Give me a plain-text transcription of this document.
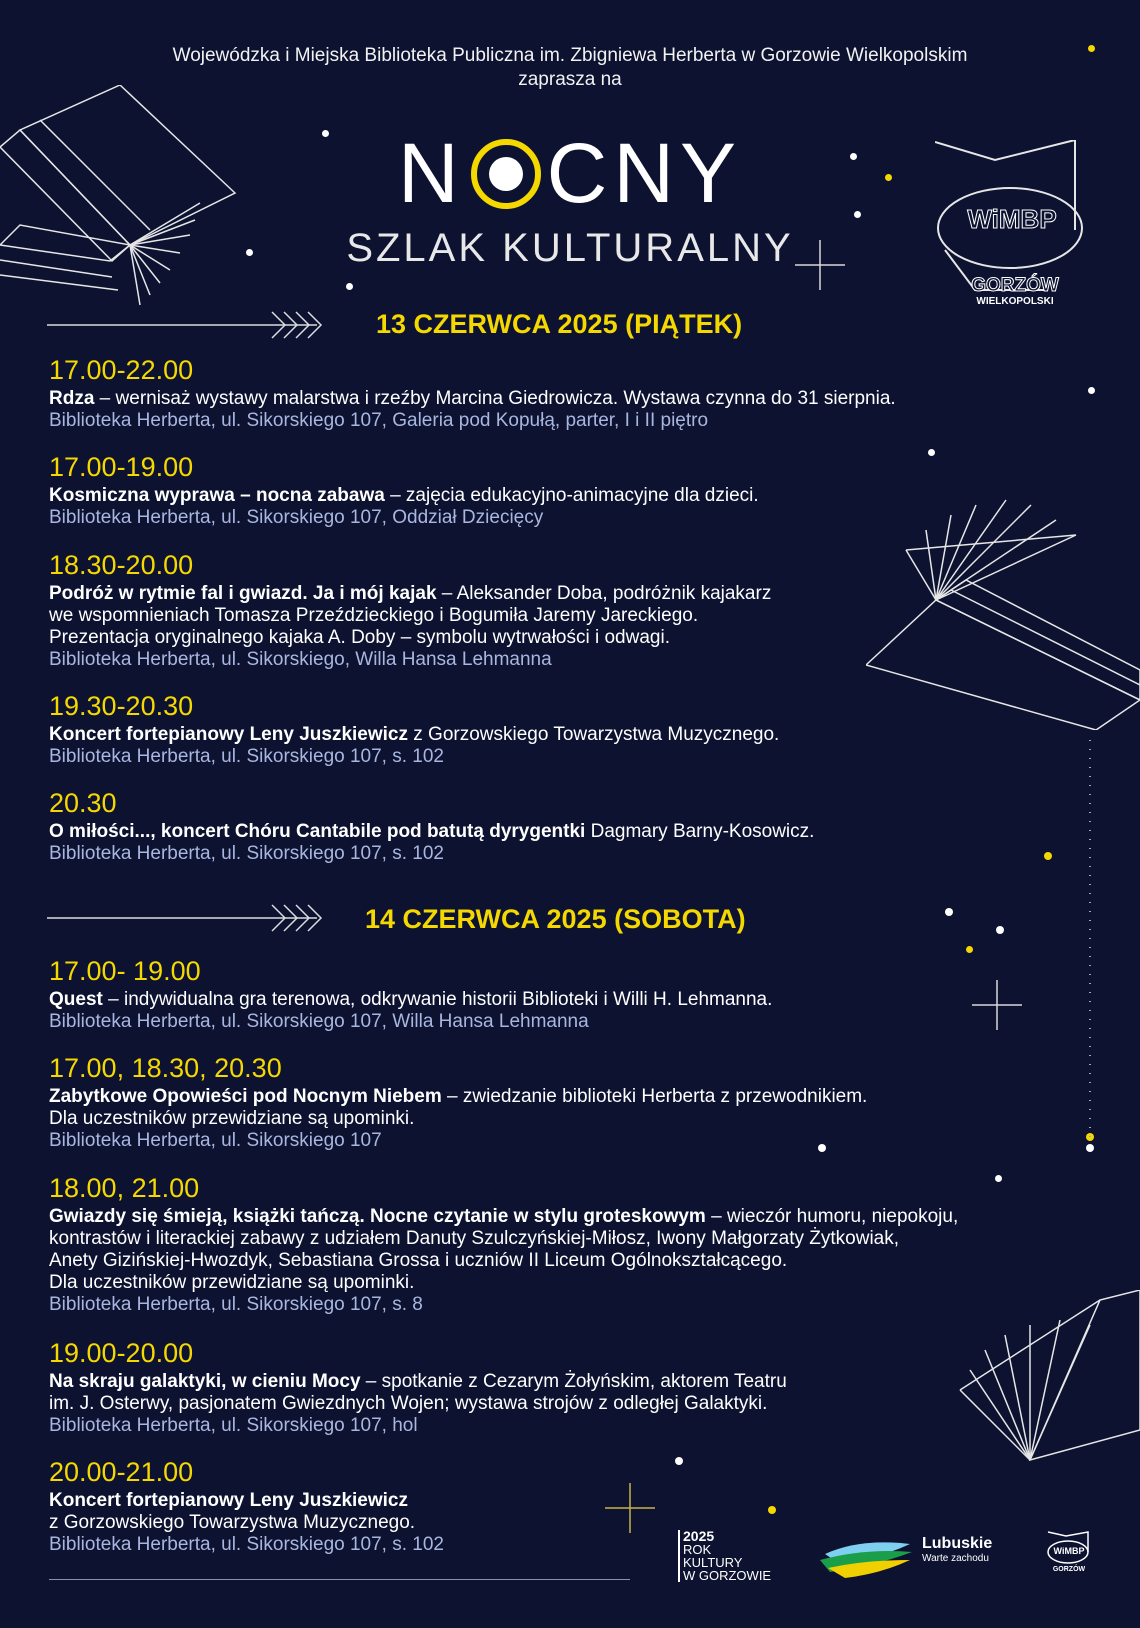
Wojewódzka i Miejska Biblioteka Publiczna im. Zbigniewa Herberta w Gorzowie Wielkopolskim
zaprasza na
N CNY
SZLAK KULTURALNY
WiMBP
GORZÓW
WIELKOPOLSKI
13 CZERWCA 2025 (PIĄTEK)
17.00-22.00
Rdza – wernisaż wystawy malarstwa i rzeźby Marcina Giedrowicza. Wystawa czynna do 31 sierpnia.
Biblioteka Herberta, ul. Sikorskiego 107, Galeria pod Kopułą, parter, I i II piętro
17.00-19.00
Kosmiczna wyprawa – nocna zabawa – zajęcia edukacyjno-animacyjne dla dzieci.
Biblioteka Herberta, ul. Sikorskiego 107, Oddział Dziecięcy
18.30-20.00
Podróż w rytmie fal i gwiazd. Ja i mój kajak – Aleksander Doba, podróżnik kajakarz
we wspomnieniach Tomasza Przeździeckiego i Bogumiła Jaremy Jareckiego.
Prezentacja oryginalnego kajaka A. Doby – symbolu wytrwałości i odwagi.
Biblioteka Herberta, ul. Sikorskiego, Willa Hansa Lehmanna
19.30-20.30
Koncert fortepianowy Leny Juszkiewicz z Gorzowskiego Towarzystwa Muzycznego.
Biblioteka Herberta, ul. Sikorskiego 107, s. 102
20.30
O miłości..., koncert Chóru Cantabile pod batutą dyrygentki Dagmary Barny-Kosowicz.
Biblioteka Herberta, ul. Sikorskiego 107, s. 102
14 CZERWCA 2025 (SOBOTA)
17.00- 19.00
Quest – indywidualna gra terenowa, odkrywanie historii Biblioteki i Willi H. Lehmanna.
Biblioteka Herberta, ul. Sikorskiego 107, Willa Hansa Lehmanna
17.00, 18.30, 20.30
Zabytkowe Opowieści pod Nocnym Niebem – zwiedzanie biblioteki Herberta z przewodnikiem.
Dla uczestników przewidziane są upominki.
Biblioteka Herberta, ul. Sikorskiego 107
18.00, 21.00
Gwiazdy się śmieją, książki tańczą. Nocne czytanie w stylu groteskowym – wieczór humoru, niepokoju,
kontrastów i literackiej zabawy z udziałem Danuty Szulczyńskiej-Miłosz, Iwony Małgorzaty Żytkowiak,
Anety Gizińskiej-Hwozdyk, Sebastiana Grossa i uczniów II Liceum Ogólnokształcącego.
Dla uczestników przewidziane są upominki.
Biblioteka Herberta, ul. Sikorskiego 107, s. 8
19.00-20.00
Na skraju galaktyki, w cieniu Mocy – spotkanie z Cezarym Żołyńskim, aktorem Teatru
im. J. Osterwy, pasjonatem Gwiezdnych Wojen; wystawa strojów z odległej Galaktyki.
Biblioteka Herberta, ul. Sikorskiego 107, hol
20.00-21.00
Koncert fortepianowy Leny Juszkiewicz
z Gorzowskiego Towarzystwa Muzycznego.
Biblioteka Herberta, ul. Sikorskiego 107, s. 102	2025
ROK
KULTURY
W GORZOWIE
Lubuskie
Warte zachodu
WiMBP
GORZÓW
